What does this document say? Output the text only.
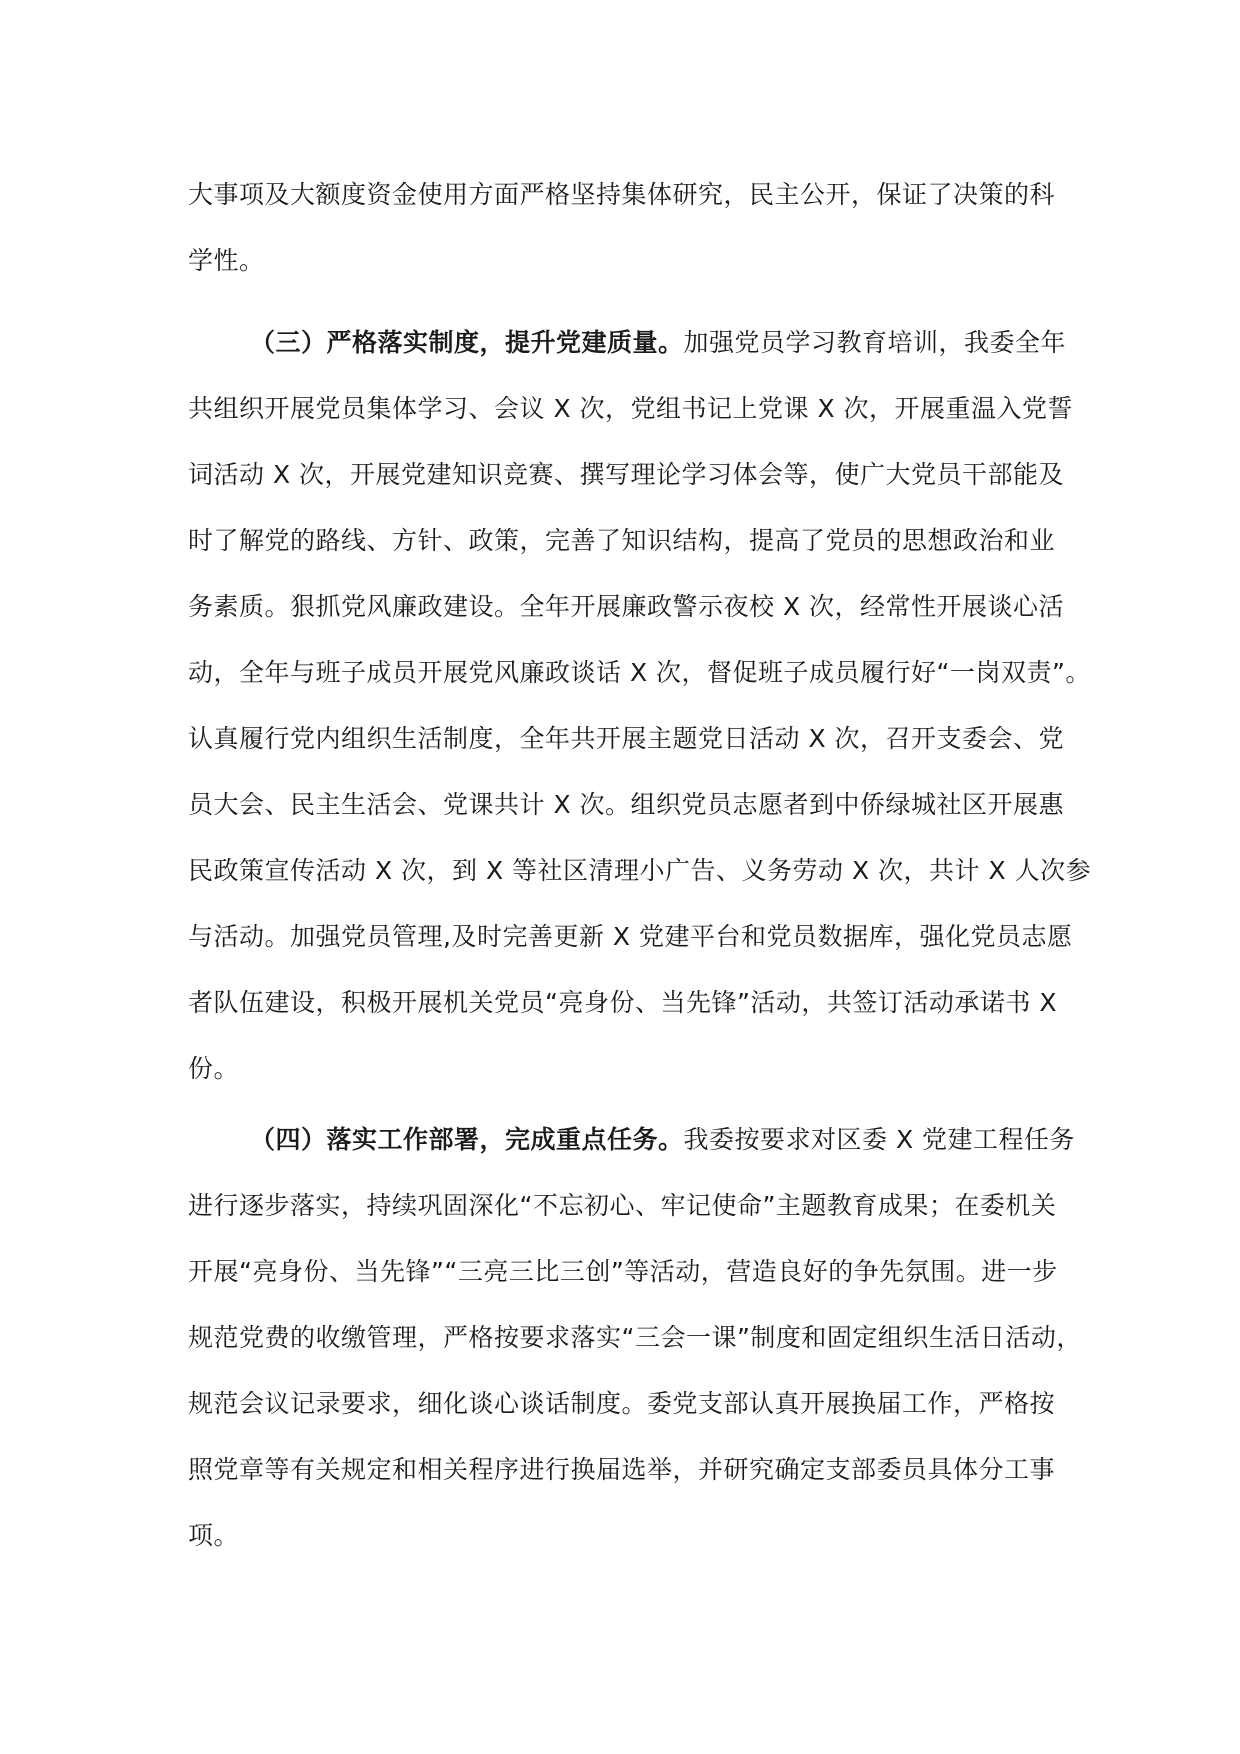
大事项及大额度资金使用方面严格坚持集体研究，民主公开，保证了决策的科
学性。
（三）严格落实制度，提升党建质量。加强党员学习教育培训，我委全年
共组织开展党员集体学习、会议 X 次，党组书记上党课 X 次，开展重温入党誓
词活动 X 次，开展党建知识竞赛、撰写理论学习体会等，使广大党员干部能及
时了解党的路线、方针、政策，完善了知识结构，提高了党员的思想政治和业
务素质。狠抓党风廉政建设。全年开展廉政警示夜校 X 次，经常性开展谈心活
动，全年与班子成员开展党风廉政谈话 X 次，督促班子成员履行好“一岗双责”。
认真履行党内组织生活制度，全年共开展主题党日活动 X 次，召开支委会、党
员大会、民主生活会、党课共计 X 次。组织党员志愿者到中侨绿城社区开展惠
民政策宣传活动 X 次，到 X 等社区清理小广告、义务劳动 X 次，共计 X 人次参
与活动。加强党员管理,及时完善更新 X 党建平台和党员数据库，强化党员志愿
者队伍建设，积极开展机关党员“亮身份、当先锋”活动，共签订活动承诺书 X
份。
（四）落实工作部署，完成重点任务。我委按要求对区委 X 党建工程任务
进行逐步落实，持续巩固深化“不忘初心、牢记使命”主题教育成果；在委机关
开展“亮身份、当先锋”“三亮三比三创”等活动，营造良好的争先氛围。进一步
规范党费的收缴管理，严格按要求落实“三会一课”制度和固定组织生活日活动，
规范会议记录要求，细化谈心谈话制度。委党支部认真开展换届工作，严格按
照党章等有关规定和相关程序进行换届选举，并研究确定支部委员具体分工事
项。
